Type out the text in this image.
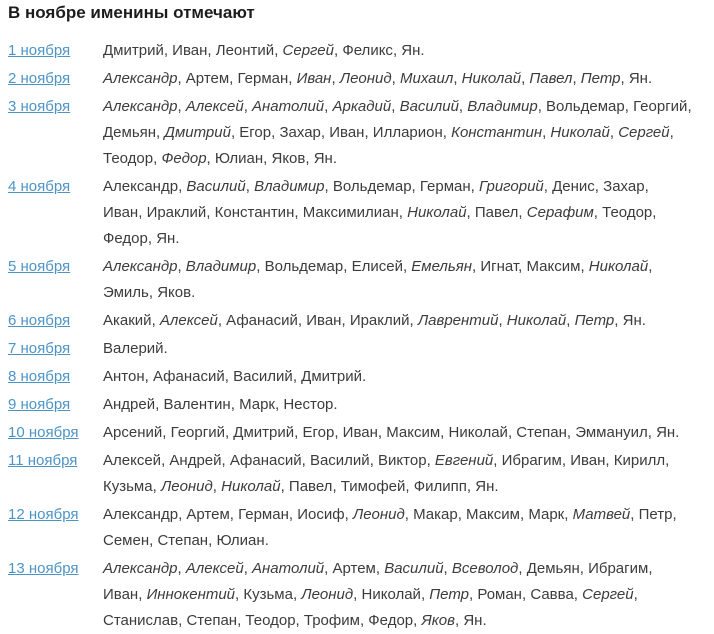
В ноябре именины отмечают
1 ноября	Дмитрий, Иван, Леонтий, Сергей, Феликс, Ян.
2 ноября	Александр, Артем, Герман, Иван, Леонид, Михаил, Николай, Павел, Петр, Ян.
3 ноября	Александр, Алексей, Анатолий, Аркадий, Василий, Владимир, Вольдемар, Георгий, Демьян, Дмитрий, Егор, Захар, Иван, Илларион, Константин, Николай, Сергей, Теодор, Федор, Юлиан, Яков, Ян.
4 ноября	Александр, Василий, Владимир, Вольдемар, Герман, Григорий, Денис, Захар, Иван, Ираклий, Константин, Максимилиан, Николай, Павел, Серафим, Теодор, Федор, Ян.
5 ноября	Александр, Владимир, Вольдемар, Елисей, Емельян, Игнат, Максим, Николай, Эмиль, Яков.
6 ноября	Акакий, Алексей, Афанасий, Иван, Ираклий, Лаврентий, Николай, Петр, Ян.
7 ноября	Валерий.
8 ноября	Антон, Афанасий, Василий, Дмитрий.
9 ноября	Андрей, Валентин, Марк, Нестор.
10 ноября	Арсений, Георгий, Дмитрий, Егор, Иван, Максим, Николай, Степан, Эммануил, Ян.
11 ноября	Алексей, Андрей, Афанасий, Василий, Виктор, Евгений, Ибрагим, Иван, Кирилл, Кузьма, Леонид, Николай, Павел, Тимофей, Филипп, Ян.
12 ноября	Александр, Артем, Герман, Иосиф, Леонид, Макар, Максим, Марк, Матвей, Петр, Семен, Степан, Юлиан.
13 ноября	Александр, Алексей, Анатолий, Артем, Василий, Всеволод, Демьян, Ибрагим, Иван, Иннокентий, Кузьма, Леонид, Николай, Петр, Роман, Савва, Сергей, Станислав, Степан, Теодор, Трофим, Федор, Яков, Ян.
